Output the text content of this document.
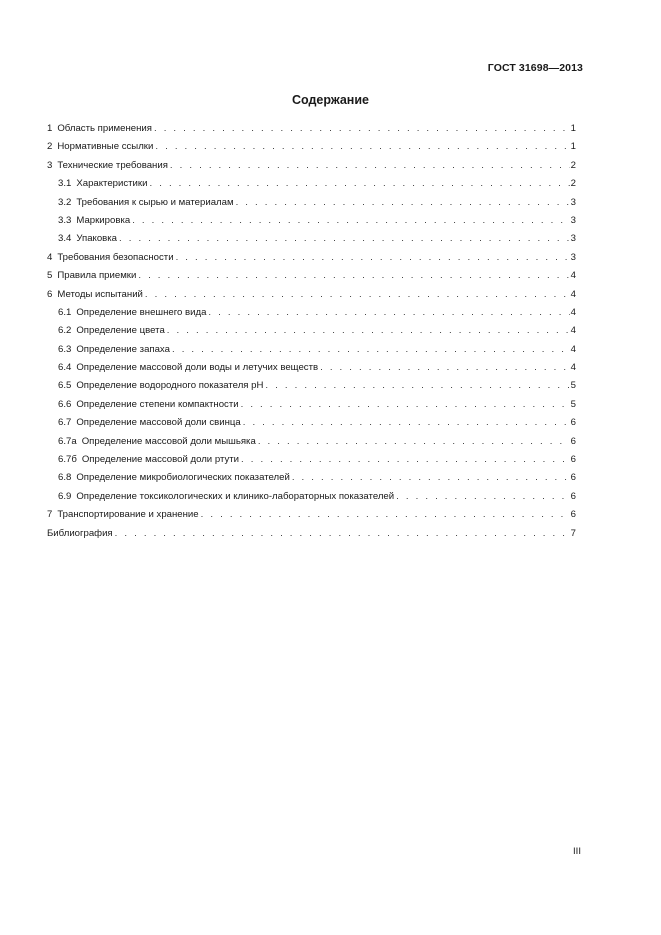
ГОСТ 31698—2013
Содержание
1 Область применения . . .	1
2 Нормативные ссылки . . .	1
3 Технические требования . . .	2
3.1 Характеристики . . .	2
3.2 Требования к сырью и материалам . . .	3
3.3 Маркировка . . .	3
3.4 Упаковка . . .	3
4 Требования безопасности . . .	3
5 Правила приемки . . .	4
6 Методы испытаний . . .	4
6.1 Определение внешнего вида . . .	4
6.2 Определение цвета . . .	4
6.3 Определение запаха . . .	4
6.4 Определение массовой доли воды и летучих веществ . . .	4
6.5 Определение водородного показателя pH . . .	5
6.6 Определение степени компактности . . .	5
6.7 Определение массовой доли свинца . . .	6
6.7а Определение массовой доли мышьяка . . .	6
6.7б Определение массовой доли ртути . . .	6
6.8 Определение микробиологических показателей . . .	6
6.9 Определение токсикологических и клинико-лабораторных показателей . . .	6
7 Транспортирование и хранение . . .	6
Библиография . . .	7
III
